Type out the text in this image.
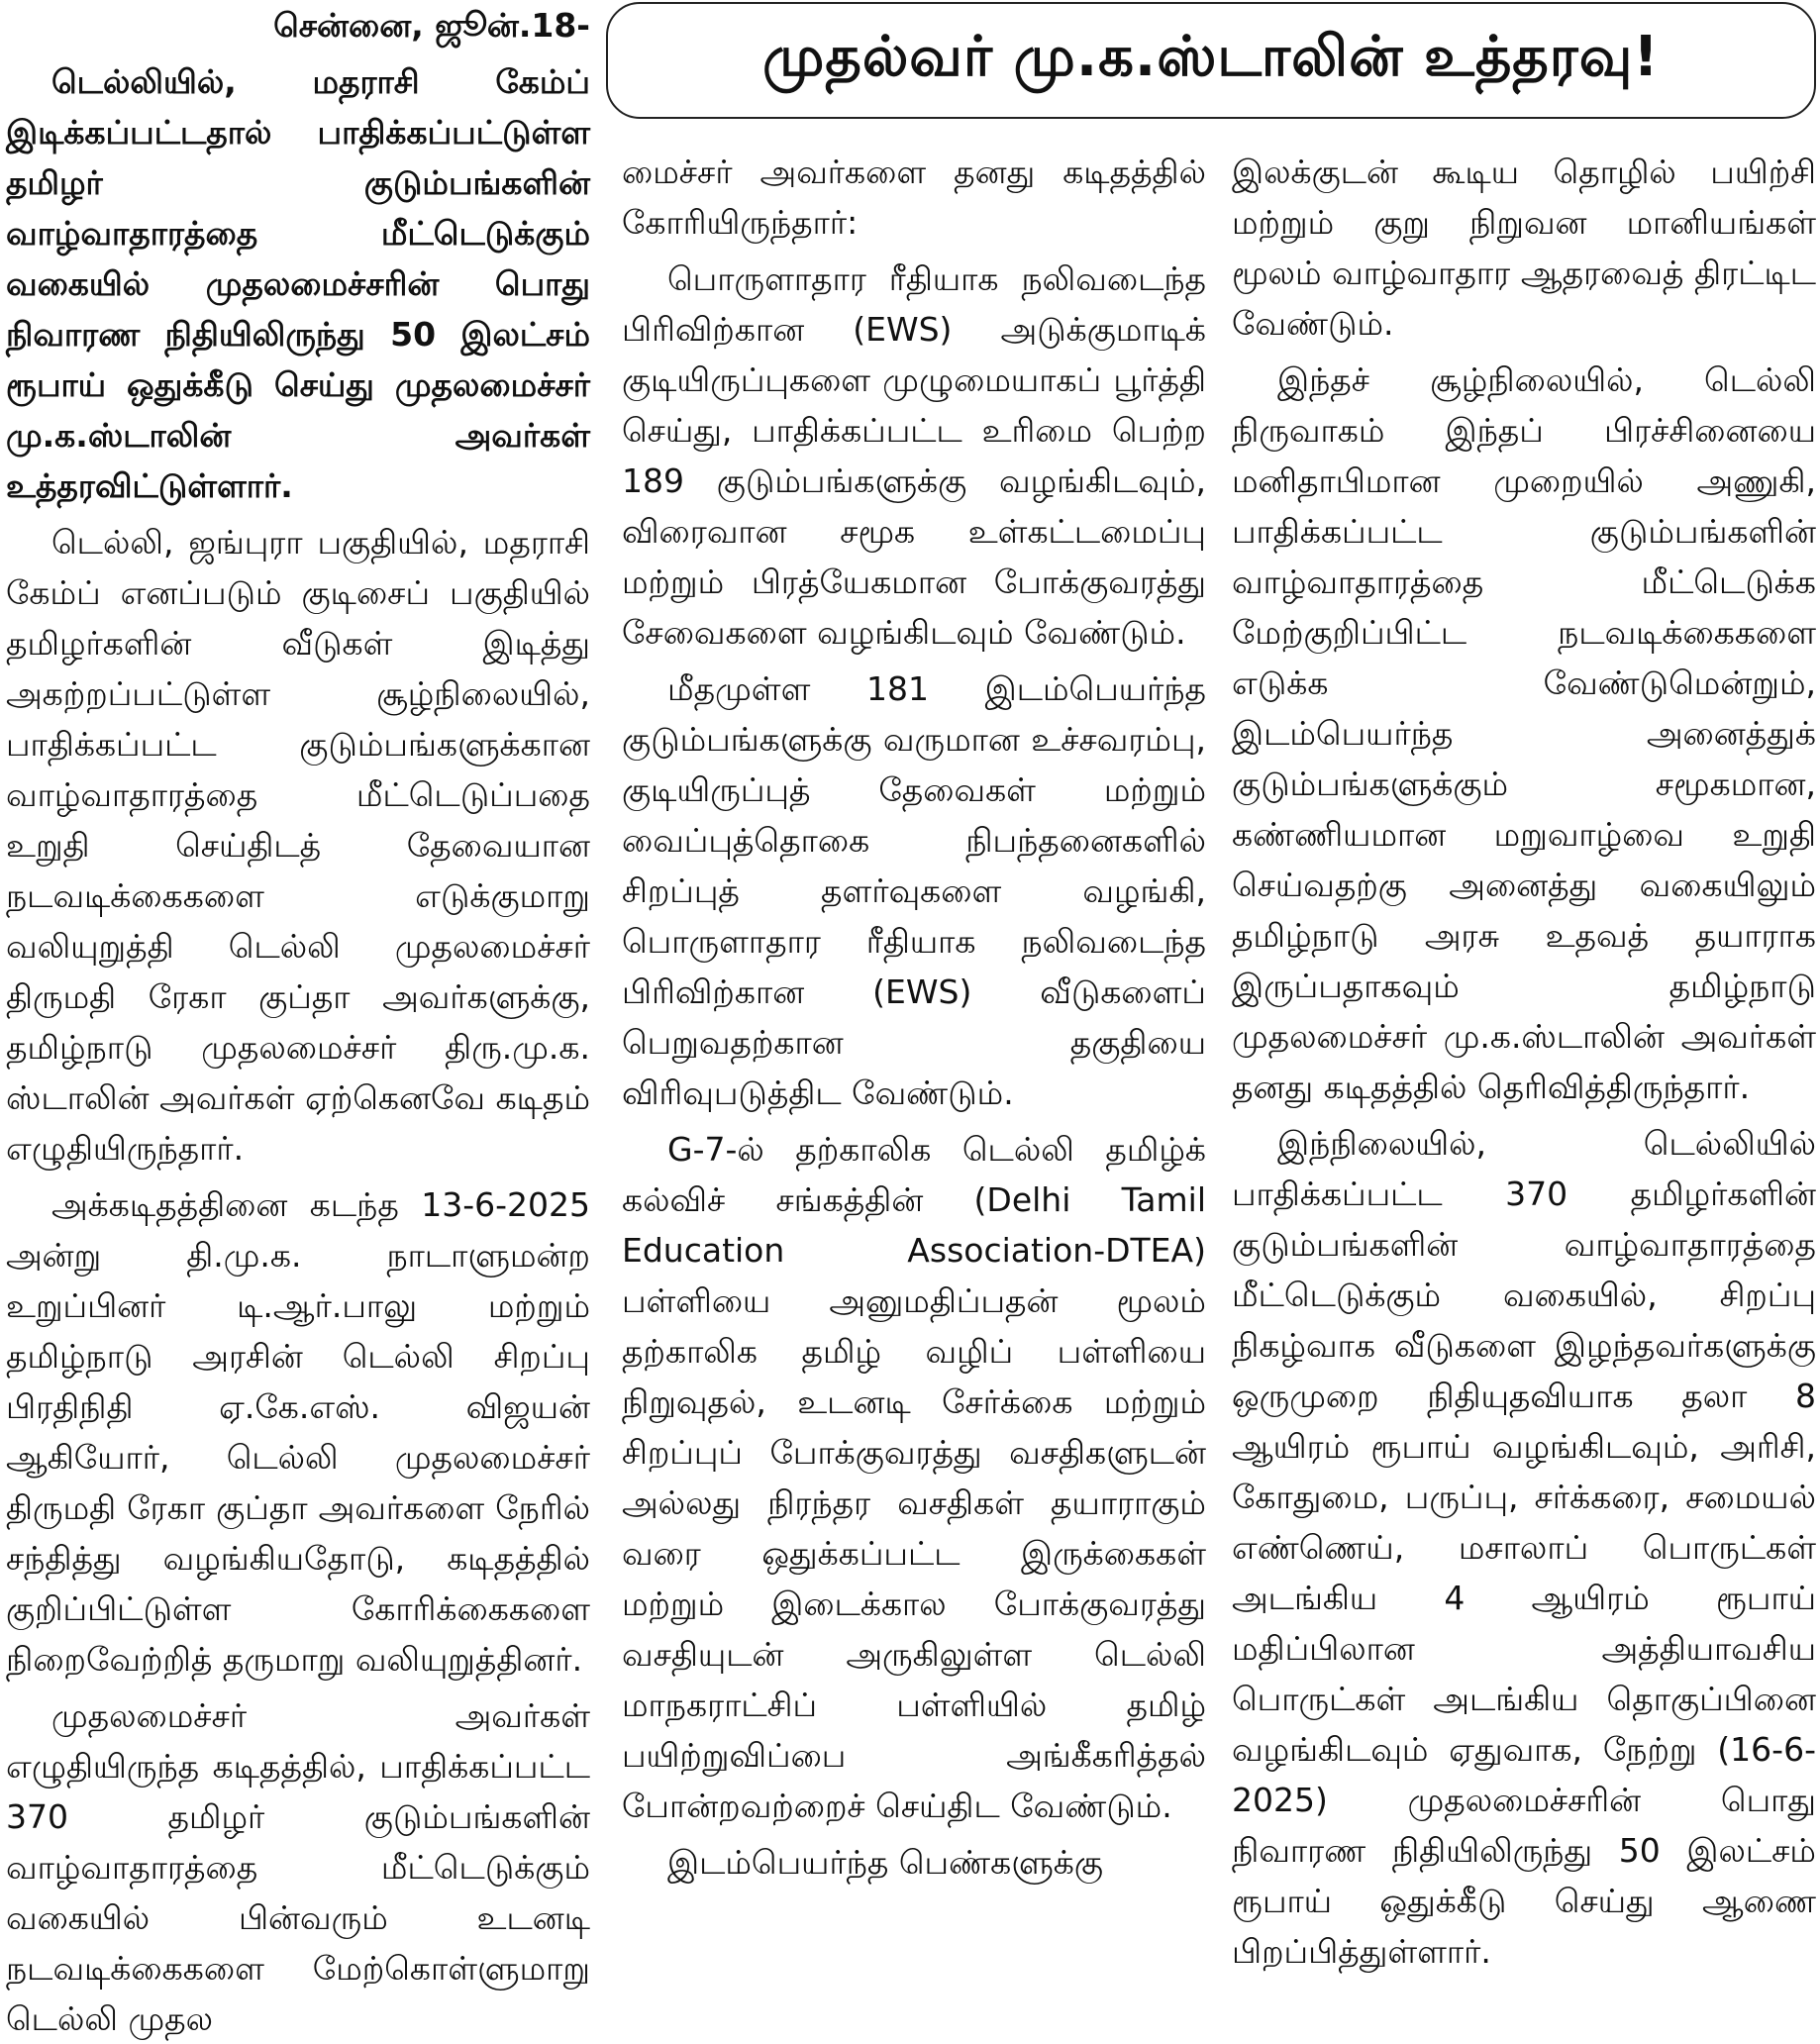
சென்னை, ஜூன்.18-

டெல்லியில், மதராசி கேம்ப் இடிக்கப்பட்டதால் பாதிக்கப்பட்டுள்ள தமிழர் குடும்பங்களின் வாழ்வாதாரத்தை மீட்டெடுக்கும் வகையில் முதலமைச்சரின் பொது நிவாரண நிதியிலிருந்து 50 இலட்சம் ரூபாய் ஒதுக்கீடு செய்து முதலமைச்சர் மு.க.ஸ்டாலின் அவர்கள் உத்தரவிட்டுள்ளார்.

டெல்லி, ஜங்புரா பகுதியில், மதராசி கேம்ப் எனப்படும் குடிசைப் பகுதியில் தமிழர்களின் வீடுகள் இடித்து அகற்றப்பட்டுள்ள சூழ்நிலையில், பாதிக்கப்பட்ட குடும்பங்களுக்கான வாழ்வாதாரத்தை மீட்டெடுப்பதை உறுதி செய்திடத் தேவையான நடவடிக்கைகளை எடுக்குமாறு வலியுறுத்தி டெல்லி முதலமைச்சர் திருமதி ரேகா குப்தா அவர்களுக்கு, தமிழ்நாடு முதலமைச்சர் திரு.மு.க. ஸ்டாலின் அவர்கள் ஏற்கெனவே கடிதம் எழுதியிருந்தார்.

அக்கடிதத்தினை கடந்த 13-6-2025 அன்று தி.மு.க. நாடாளுமன்ற உறுப்பினர் டி.ஆர்.பாலு மற்றும் தமிழ்நாடு அரசின் டெல்லி சிறப்பு பிரதிநிதி ஏ.கே.எஸ். விஜயன் ஆகியோர், டெல்லி முதலமைச்சர் திருமதி ரேகா குப்தா அவர்களை நேரில் சந்தித்து வழங்கியதோடு, கடிதத்தில் குறிப்பிட்டுள்ள கோரிக்கைகளை நிறைவேற்றித் தருமாறு வலியுறுத்தினர்.

முதலமைச்சர் அவர்கள் எழுதியிருந்த கடிதத்தில், பாதிக்கப்பட்ட 370 தமிழர் குடும்பங்களின் வாழ்வாதாரத்தை மீட்டெடுக்கும் வகையில் பின்வரும் உடனடி நடவடிக்கைகளை மேற்கொள்ளுமாறு டெல்லி முதல

முதல்வர் மு.க.ஸ்டாலின் உத்தரவு!

மைச்சர் அவர்களை தனது கடிதத்தில் கோரியிருந்தார்:

பொருளாதார ரீதியாக நலிவடைந்த பிரிவிற்கான (EWS) அடுக்குமாடிக் குடியிருப்புகளை முழுமையாகப் பூர்த்தி செய்து, பாதிக்கப்பட்ட உரிமை பெற்ற 189 குடும்பங்களுக்கு வழங்கிடவும், விரைவான சமூக உள்கட்டமைப்பு மற்றும் பிரத்யேகமான போக்குவரத்து சேவைகளை வழங்கிடவும் வேண்டும்.

மீதமுள்ள 181 இடம்பெயர்ந்த குடும்பங்களுக்கு வருமான உச்சவரம்பு, குடியிருப்புத் தேவைகள் மற்றும் வைப்புத்தொகை நிபந்தனைகளில் சிறப்புத் தளர்வுகளை வழங்கி, பொருளாதார ரீதியாக நலிவடைந்த பிரிவிற்கான (EWS) வீடுகளைப் பெறுவதற்கான தகுதியை விரிவுபடுத்திட வேண்டும்.

G-7-ல் தற்காலிக டெல்லி தமிழ்க் கல்விச் சங்கத்தின் (Delhi Tamil Education Association-DTEA) பள்ளியை அனுமதிப்பதன் மூலம் தற்காலிக தமிழ் வழிப் பள்ளியை நிறுவுதல், உடனடி சேர்க்கை மற்றும் சிறப்புப் போக்குவரத்து வசதிகளுடன் அல்லது நிரந்தர வசதிகள் தயாராகும் வரை ஒதுக்கப்பட்ட இருக்கைகள் மற்றும் இடைக்கால போக்குவரத்து வசதியுடன் அருகிலுள்ள டெல்லி மாநகராட்சிப் பள்ளியில் தமிழ் பயிற்றுவிப்பை அங்கீகரித்தல் போன்றவற்றைச் செய்திட வேண்டும்.

இடம்பெயர்ந்த பெண்களுக்கு

இலக்குடன் கூடிய தொழில் பயிற்சி மற்றும் குறு நிறுவன மானியங்கள் மூலம் வாழ்வாதார ஆதரவைத் திரட்டிட வேண்டும்.

இந்தச் சூழ்நிலையில், டெல்லி நிருவாகம் இந்தப் பிரச்சினையை மனிதாபிமான முறையில் அணுகி, பாதிக்கப்பட்ட குடும்பங்களின் வாழ்வாதாரத்தை மீட்டெடுக்க மேற்குறிப்பிட்ட நடவடிக்கைகளை எடுக்க வேண்டுமென்றும், இடம்பெயர்ந்த அனைத்துக் குடும்பங்களுக்கும் சமூகமான, கண்ணியமான மறுவாழ்வை உறுதி செய்வதற்கு அனைத்து வகையிலும் தமிழ்நாடு அரசு உதவத் தயாராக இருப்பதாகவும் தமிழ்நாடு முதலமைச்சர் மு.க.ஸ்டாலின் அவர்கள் தனது கடிதத்தில் தெரிவித்திருந்தார்.

இந்நிலையில், டெல்லியில் பாதிக்கப்பட்ட 370 தமிழர்களின் குடும்பங்களின் வாழ்வாதாரத்தை மீட்டெடுக்கும் வகையில், சிறப்பு நிகழ்வாக வீடுகளை இழந்தவர்களுக்கு ஒருமுறை நிதியுதவியாக தலா 8 ஆயிரம் ரூபாய் வழங்கிடவும், அரிசி, கோதுமை, பருப்பு, சர்க்கரை, சமையல் எண்ணெய், மசாலாப் பொருட்கள் அடங்கிய 4 ஆயிரம் ரூபாய் மதிப்பிலான அத்தியாவசிய பொருட்கள் அடங்கிய தொகுப்பினை வழங்கிடவும் ஏதுவாக, நேற்று (16-6-2025) முதலமைச்சரின் பொது நிவாரண நிதியிலிருந்து 50 இலட்சம் ரூபாய் ஒதுக்கீடு செய்து ஆணை பிறப்பித்துள்ளார்.
